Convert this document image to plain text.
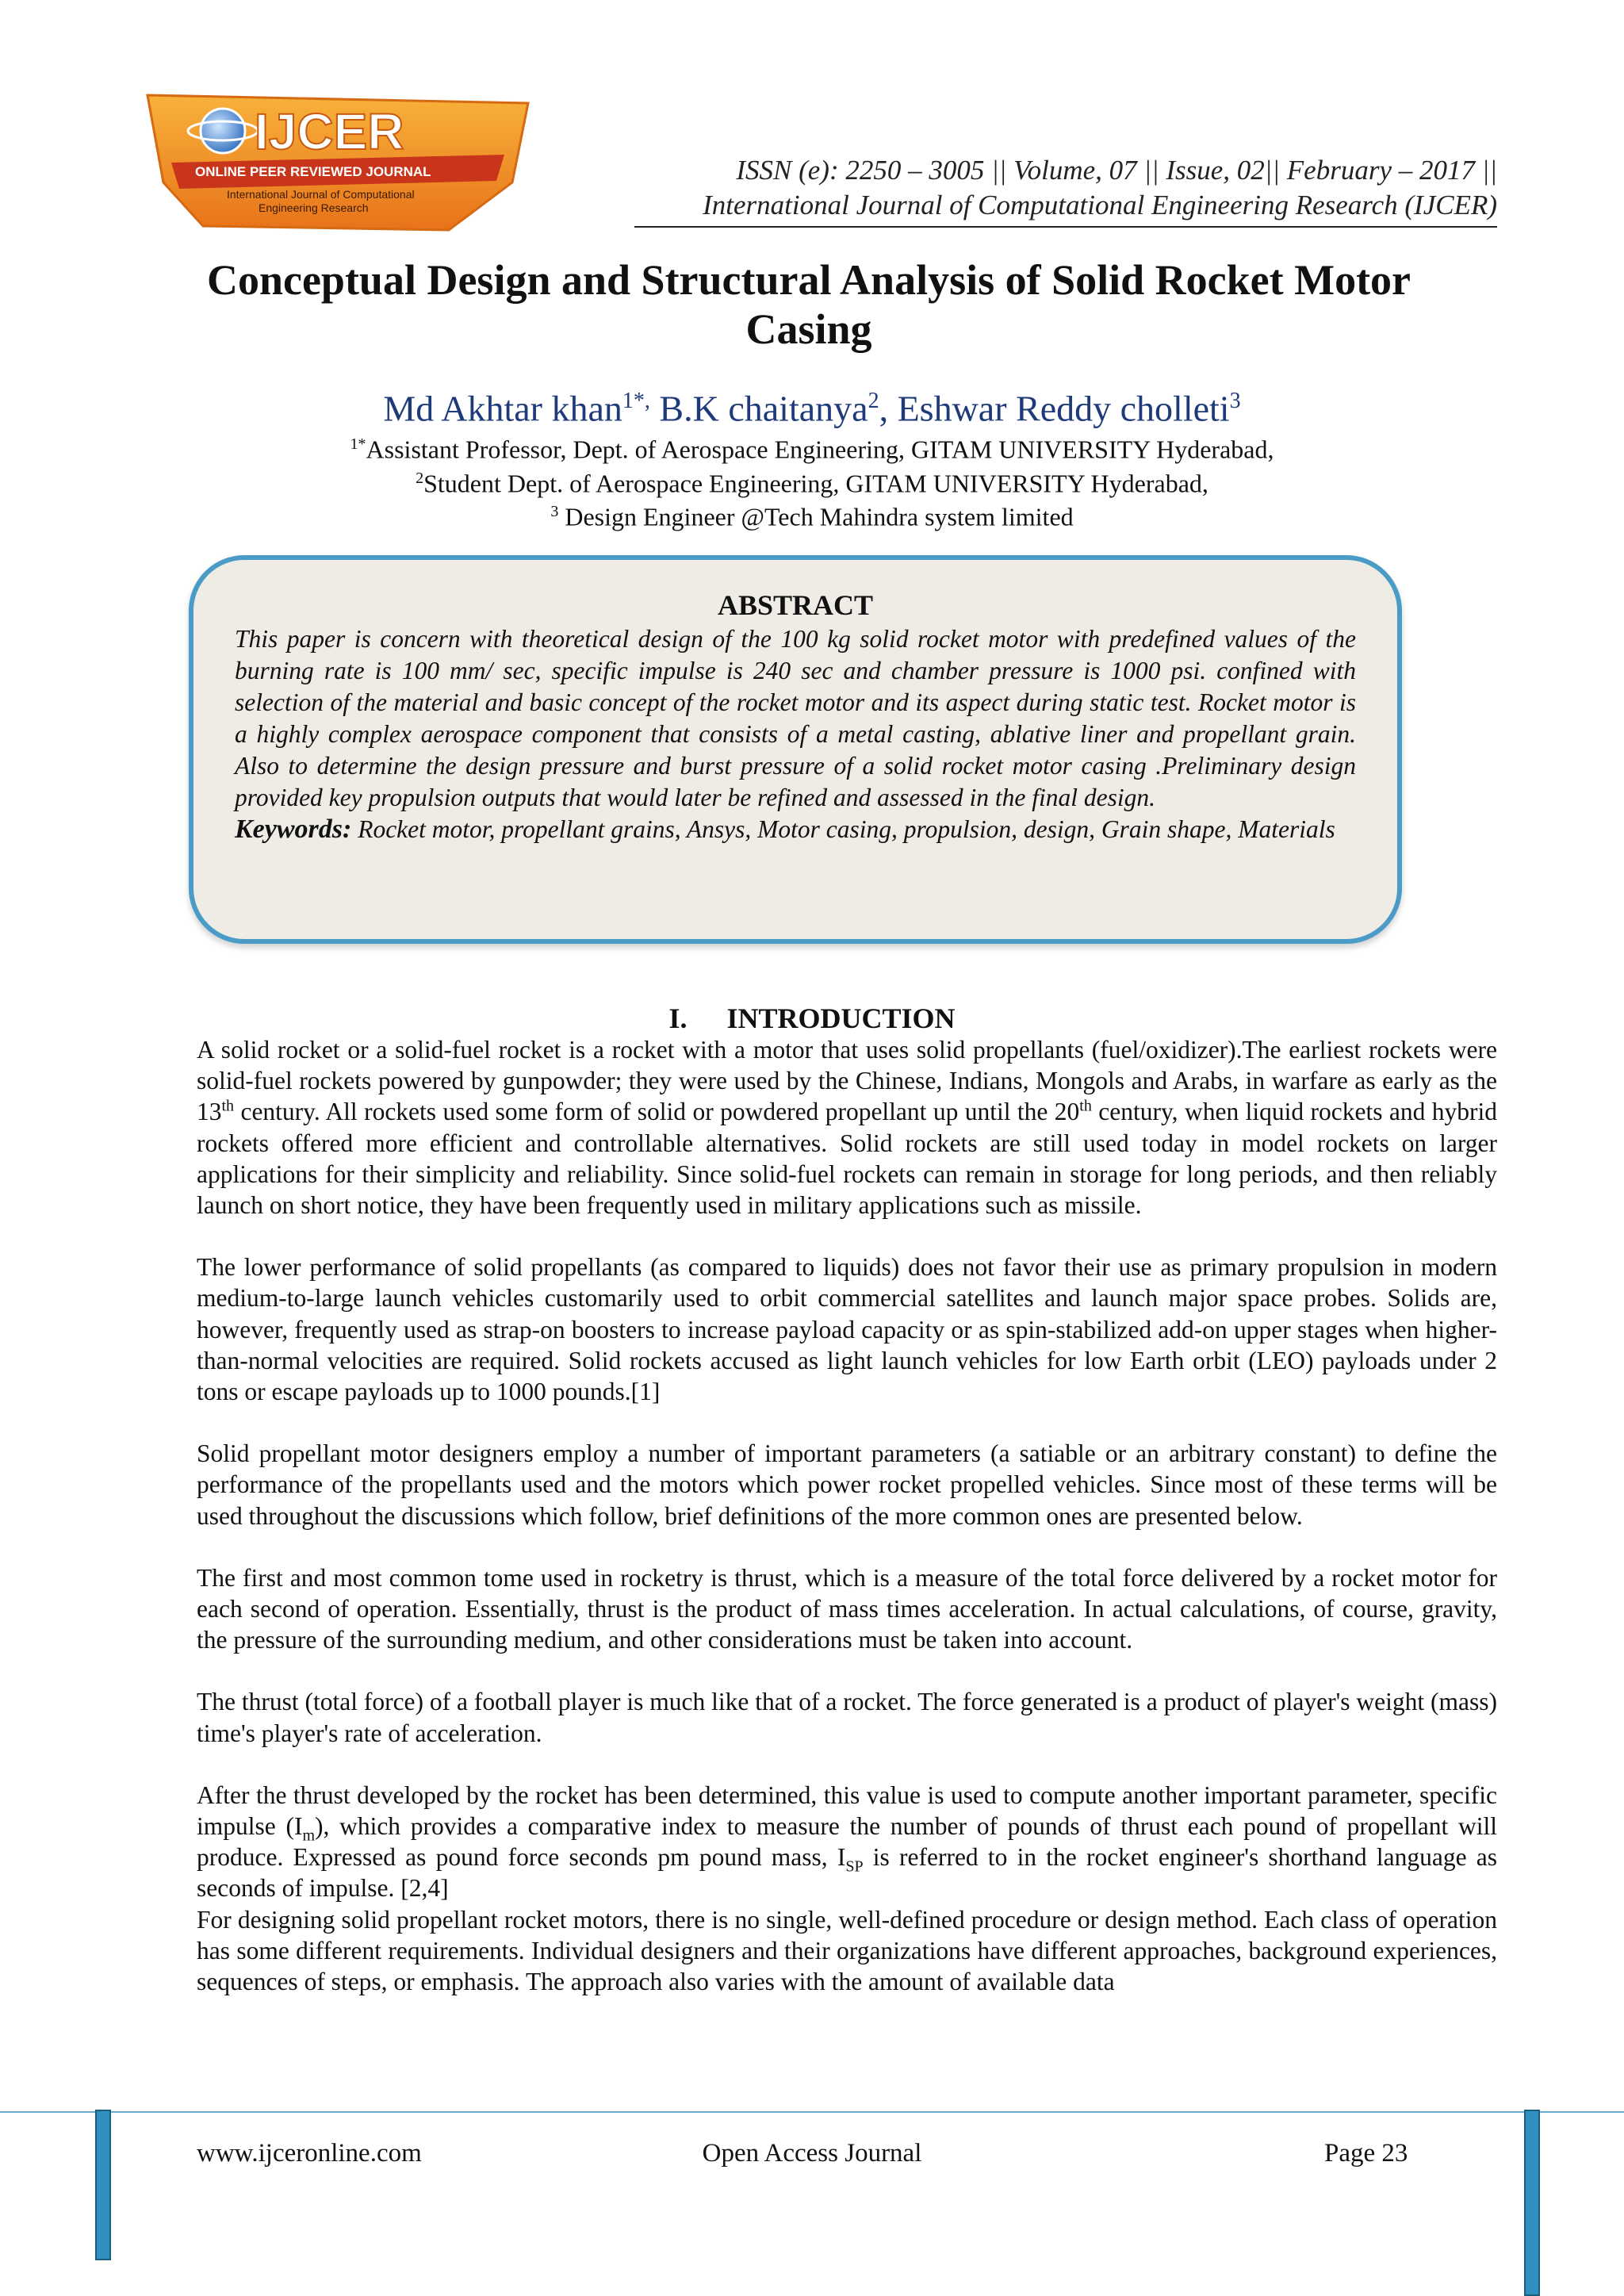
IJCER
ONLINE PEER REVIEWED JOURNAL
International Journal of Computational
Engineering Research
ISSN (e): 2250 – 3005 || Volume, 07 || Issue, 02|| February – 2017 ||
International Journal of Computational Engineering Research (IJCER)
Conceptual Design and Structural Analysis of Solid Rocket Motor
Casing
Md Akhtar khan$^{1*,}$ B.K chaitanya$^2$, Eshwar Reddy cholleti$^3$
$^{1*}$Assistant Professor, Dept. of Aerospace Engineering, GITAM UNIVERSITY Hyderabad,
$^2$Student Dept. of Aerospace Engineering, GITAM UNIVERSITY Hyderabad,
$^3$ Design Engineer @Tech Mahindra system limited
ABSTRACT

This paper is concern with theoretical design of the 100 kg solid rocket motor with predefined values of the burning rate is 100 mm/ sec, specific impulse is 240 sec and chamber pressure is 1000 psi. confined with selection of the material and basic concept of the rocket motor and its aspect during static test. Rocket motor is a highly complex aerospace component that consists of a metal casting, ablative liner and propellant grain. Also to determine the design pressure and burst pressure of a solid rocket motor casing .Preliminary design provided key propulsion outputs that would later be refined and assessed in the final design.

Keywords: Rocket motor, propellant grains, Ansys, Motor casing, propulsion, design, Grain shape, Materials

I. INTRODUCTION

A solid rocket or a solid-fuel rocket is a rocket with a motor that uses solid propellants (fuel/oxidizer).The earliest rockets were solid-fuel rockets powered by gunpowder; they were used by the Chinese, Indians, Mongols and Arabs, in warfare as early as the 13th century. All rockets used some form of solid or powdered propellant up until the 20th century, when liquid rockets and hybrid rockets offered more efficient and controllable alternatives. Solid rockets are still used today in model rockets on larger applications for their simplicity and reliability. Since solid-fuel rockets can remain in storage for long periods, and then reliably launch on short notice, they have been frequently used in military applications such as missile.

The lower performance of solid propellants (as compared to liquids) does not favor their use as primary propulsion in modern medium-to-large launch vehicles customarily used to orbit commercial satellites and launch major space probes. Solids are, however, frequently used as strap-on boosters to increase payload capacity or as spin-stabilized add-on upper stages when higher-than-normal velocities are required. Solid rockets accused as light launch vehicles for low Earth orbit (LEO) payloads under 2 tons or escape payloads up to 1000 pounds.[1]

Solid propellant motor designers employ a number of important parameters (a satiable or an arbitrary constant) to define the performance of the propellants used and the motors which power rocket propelled vehicles. Since most of these terms will be used throughout the discussions which follow, brief definitions of the more common ones are presented below.

The first and most common tome used in rocketry is thrust, which is a measure of the total force delivered by a rocket motor for each second of operation. Essentially, thrust is the product of mass times acceleration. In actual calculations, of course, gravity, the pressure of the surrounding medium, and other considerations must be taken into account.

The thrust (total force) of a football player is much like that of a rocket. The force generated is a product of player's weight (mass) time's player's rate of acceleration.

After the thrust developed by the rocket has been determined, this value is used to compute another important parameter, specific impulse $(I_m)$, which provides a comparative index to measure the number of pounds of thrust each pound of propellant will produce. Expressed as pound force seconds pm pound mass, $I_{SP}$ is referred to in the rocket engineer's shorthand language as seconds of impulse. [2,4]

For designing solid propellant rocket motors, there is no single, well-defined procedure or design method. Each class of operation has some different requirements. Individual designers and their organizations have different approaches, background experiences, sequences of steps, or emphasis. The approach also varies with the amount of available data

www.ijceronline.com	Open Access Journal	Page 23
